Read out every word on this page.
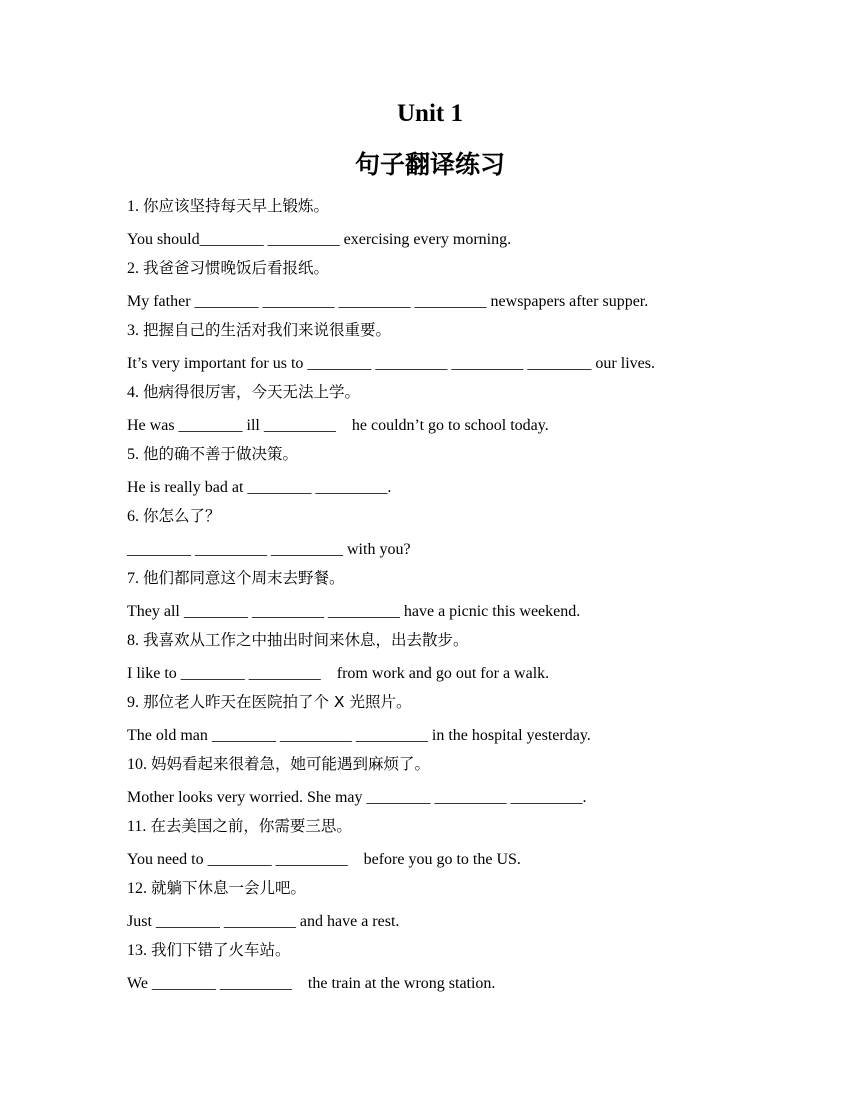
Unit 1
句子翻译练习
1. 你应该坚持每天早上锻炼。
You should________ _________ exercising every morning.
2. 我爸爸习惯晚饭后看报纸。
My father ________ _________ _________ _________ newspapers after supper.
3. 把握自己的生活对我们来说很重要。
It’s very important for us to ________ _________ _________ ________ our lives.
4. 他病得很厉害，今天无法上学。
He was ________ ill _________    he couldn’t go to school today.
5. 他的确不善于做决策。
He is really bad at ________ _________.
6. 你怎么了？
________ _________ _________ with you?
7. 他们都同意这个周末去野餐。
They all ________ _________ _________ have a picnic this weekend.
8. 我喜欢从工作之中抽出时间来休息，出去散步。
I like to ________ _________    from work and go out for a walk.
9. 那位老人昨天在医院拍了个 X 光照片。
The old man ________ _________ _________ in the hospital yesterday.
10. 妈妈看起来很着急，她可能遇到麻烦了。
Mother looks very worried. She may ________ _________ _________.
11. 在去美国之前，你需要三思。
You need to ________ _________    before you go to the US.
12. 就躺下休息一会儿吧。
Just ________ _________ and have a rest.
13. 我们下错了火车站。
We ________ _________    the train at the wrong station.
